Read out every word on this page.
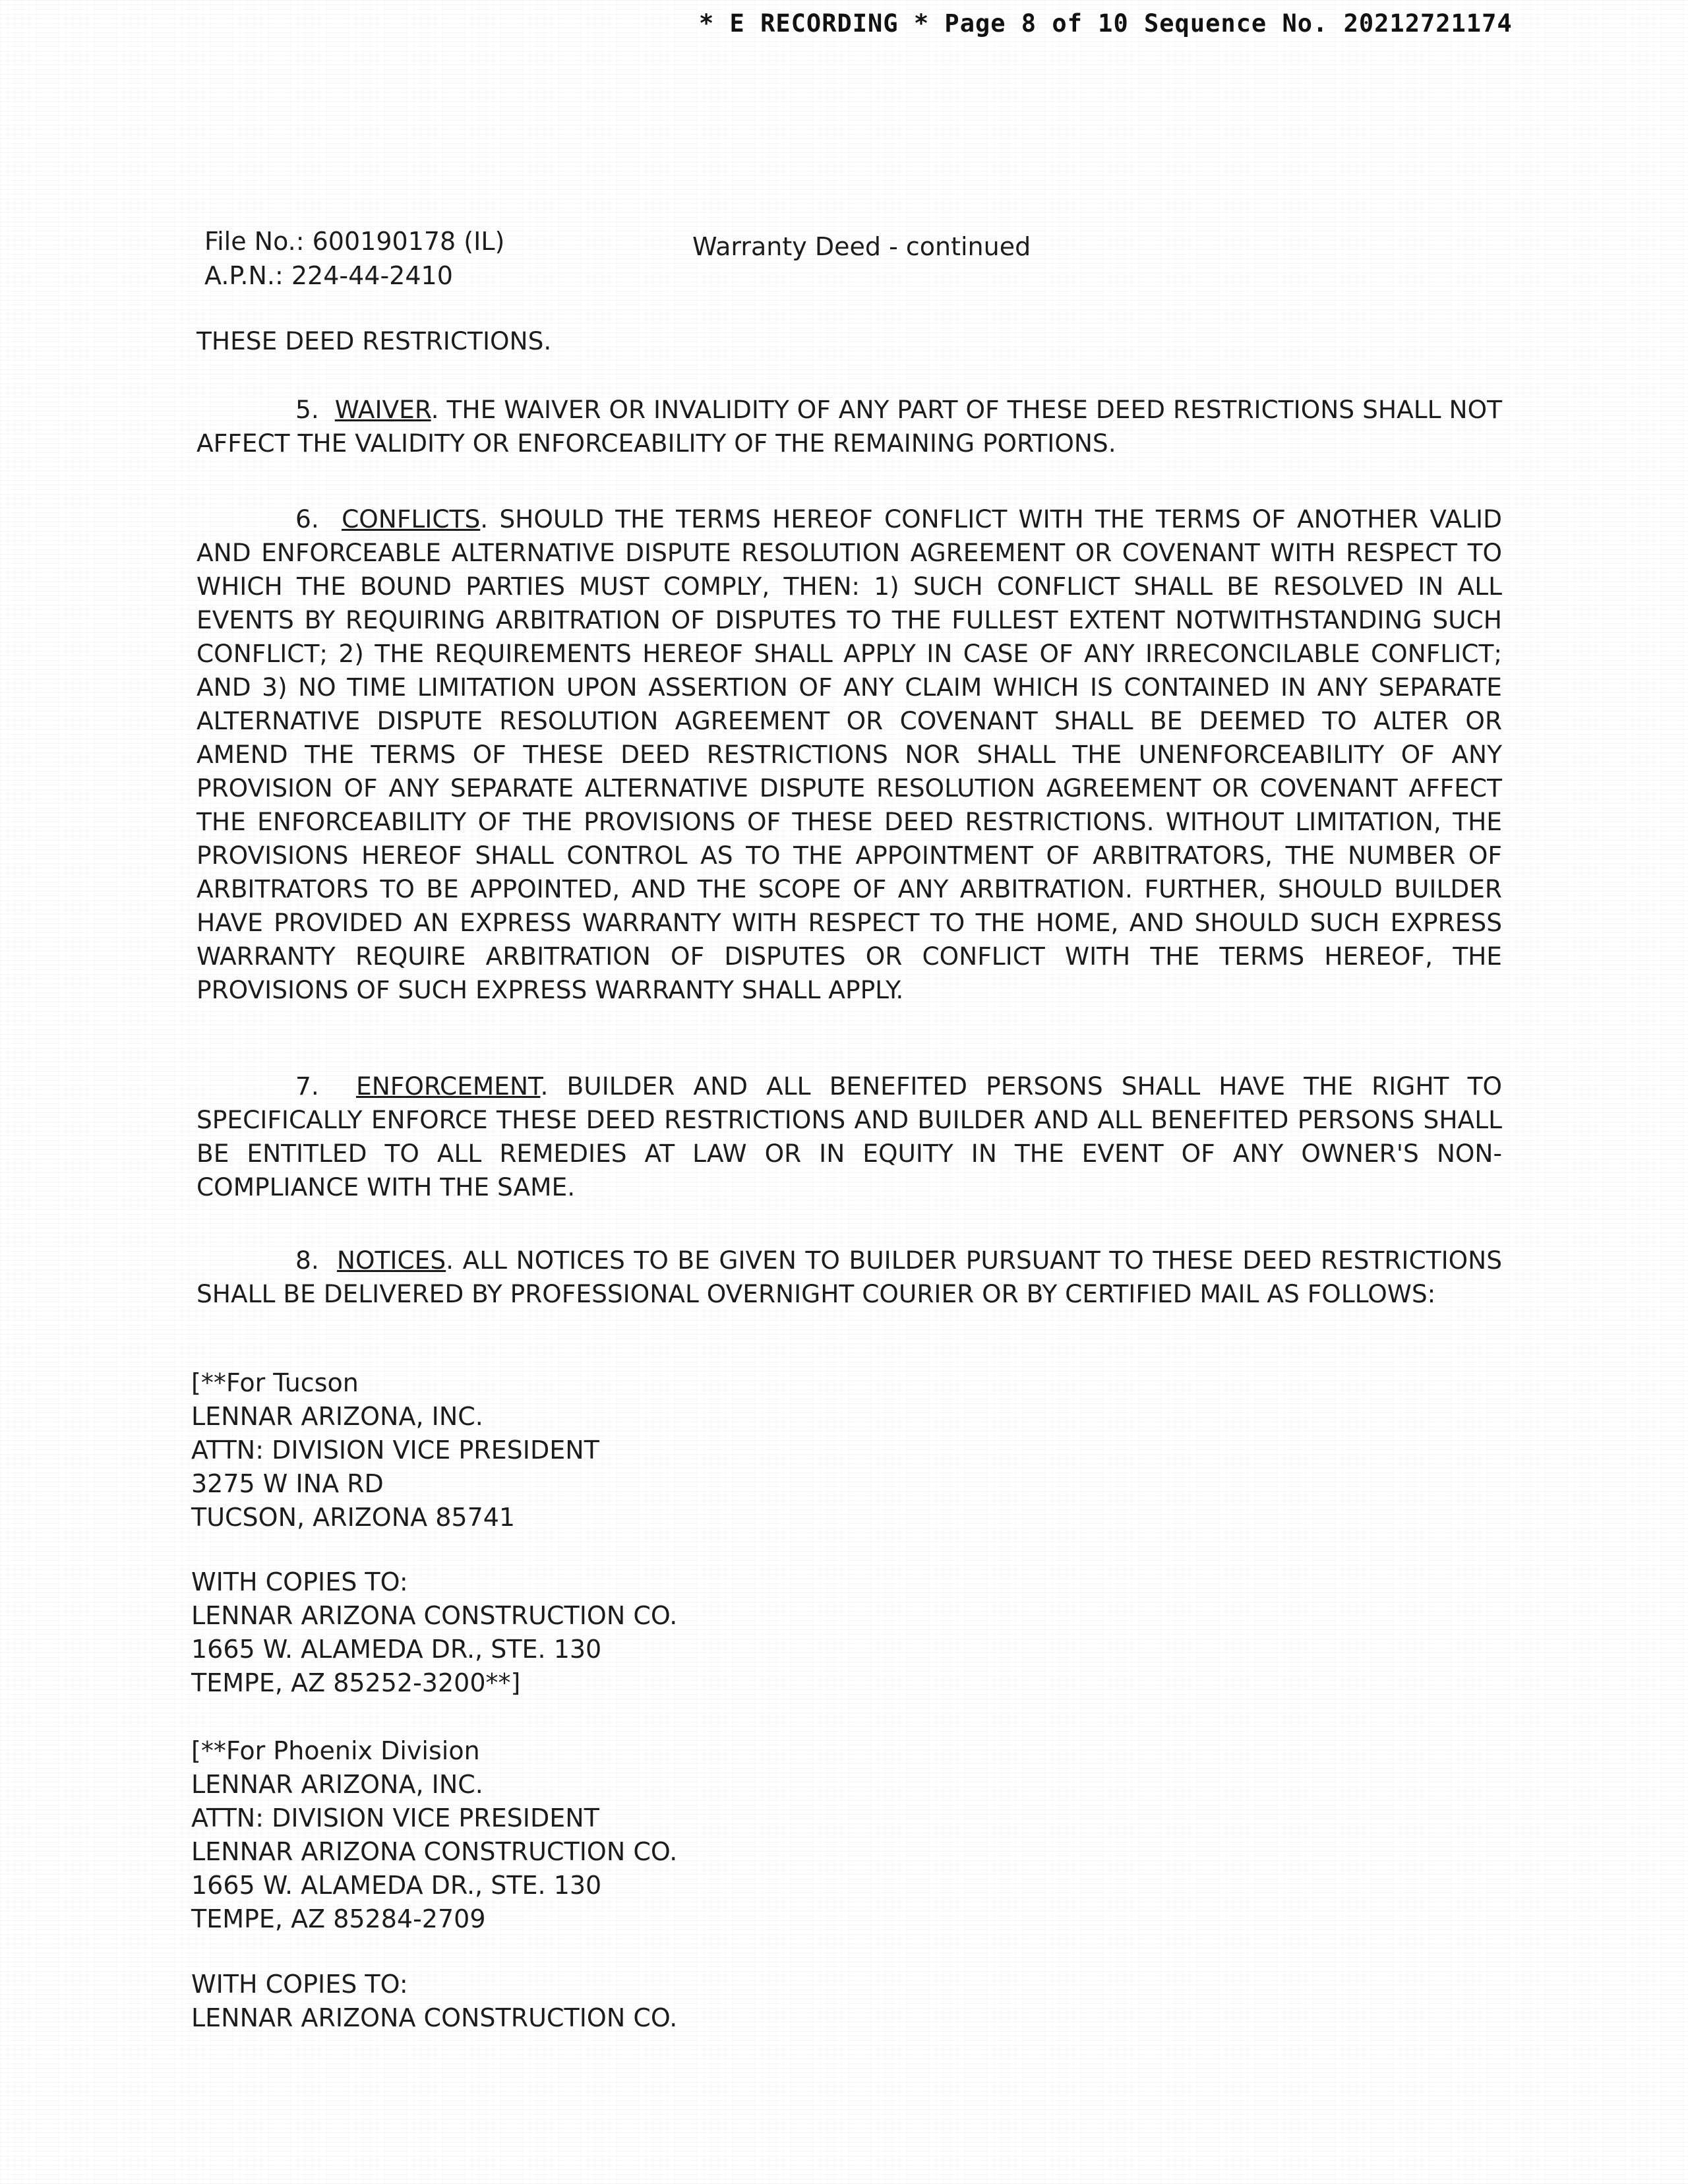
* E RECORDING * Page 8 of 10 Sequence No. 20212721174
File No.: 600190178 (IL)
A.P.N.: 224-44-2410
Warranty Deed - continued
THESE DEED RESTRICTIONS.
5. WAIVER. THE WAIVER OR INVALIDITY OF ANY PART OF THESE DEED RESTRICTIONS SHALL NOT AFFECT THE VALIDITY OR ENFORCEABILITY OF THE REMAINING PORTIONS.
6. CONFLICTS. SHOULD THE TERMS HEREOF CONFLICT WITH THE TERMS OF ANOTHER VALID AND ENFORCEABLE ALTERNATIVE DISPUTE RESOLUTION AGREEMENT OR COVENANT WITH RESPECT TO WHICH THE BOUND PARTIES MUST COMPLY, THEN: 1) SUCH CONFLICT SHALL BE RESOLVED IN ALL EVENTS BY REQUIRING ARBITRATION OF DISPUTES TO THE FULLEST EXTENT NOTWITHSTANDING SUCH CONFLICT; 2) THE REQUIREMENTS HEREOF SHALL APPLY IN CASE OF ANY IRRECONCILABLE CONFLICT; AND 3) NO TIME LIMITATION UPON ASSERTION OF ANY CLAIM WHICH IS CONTAINED IN ANY SEPARATE ALTERNATIVE DISPUTE RESOLUTION AGREEMENT OR COVENANT SHALL BE DEEMED TO ALTER OR AMEND THE TERMS OF THESE DEED RESTRICTIONS NOR SHALL THE UNENFORCEABILITY OF ANY PROVISION OF ANY SEPARATE ALTERNATIVE DISPUTE RESOLUTION AGREEMENT OR COVENANT AFFECT THE ENFORCEABILITY OF THE PROVISIONS OF THESE DEED RESTRICTIONS. WITHOUT LIMITATION, THE PROVISIONS HEREOF SHALL CONTROL AS TO THE APPOINTMENT OF ARBITRATORS, THE NUMBER OF ARBITRATORS TO BE APPOINTED, AND THE SCOPE OF ANY ARBITRATION. FURTHER, SHOULD BUILDER HAVE PROVIDED AN EXPRESS WARRANTY WITH RESPECT TO THE HOME, AND SHOULD SUCH EXPRESS WARRANTY REQUIRE ARBITRATION OF DISPUTES OR CONFLICT WITH THE TERMS HEREOF, THE PROVISIONS OF SUCH EXPRESS WARRANTY SHALL APPLY.
7. ENFORCEMENT. BUILDER AND ALL BENEFITED PERSONS SHALL HAVE THE RIGHT TO SPECIFICALLY ENFORCE THESE DEED RESTRICTIONS AND BUILDER AND ALL BENEFITED PERSONS SHALL BE ENTITLED TO ALL REMEDIES AT LAW OR IN EQUITY IN THE EVENT OF ANY OWNER'S NON-COMPLIANCE WITH THE SAME.
8. NOTICES. ALL NOTICES TO BE GIVEN TO BUILDER PURSUANT TO THESE DEED RESTRICTIONS SHALL BE DELIVERED BY PROFESSIONAL OVERNIGHT COURIER OR BY CERTIFIED MAIL AS FOLLOWS:
[**For Tucson
LENNAR ARIZONA, INC.
ATTN: DIVISION VICE PRESIDENT
3275 W INA RD
TUCSON, ARIZONA 85741
WITH COPIES TO:
LENNAR ARIZONA CONSTRUCTION CO.
1665 W. ALAMEDA DR., STE. 130
TEMPE, AZ 85252-3200**]
[**For Phoenix Division
LENNAR ARIZONA, INC.
ATTN: DIVISION VICE PRESIDENT
LENNAR ARIZONA CONSTRUCTION CO.
1665 W. ALAMEDA DR., STE. 130
TEMPE, AZ 85284-2709
WITH COPIES TO:
LENNAR ARIZONA CONSTRUCTION CO.
